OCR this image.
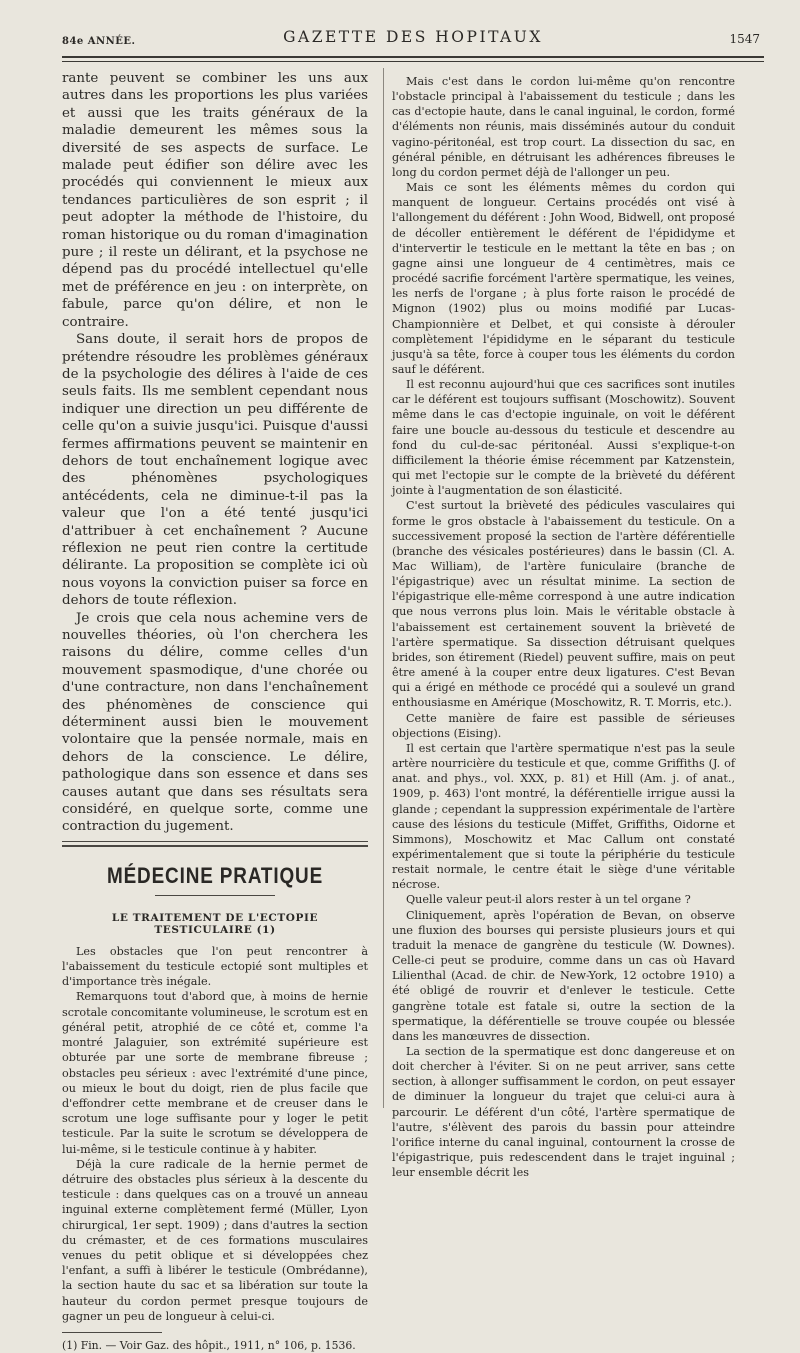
84e ANNÉE.	GAZETTE DES HOPITAUX	1547

rante peuvent se combiner les uns aux autres dans les proportions les plus variées et aussi que les traits généraux de la maladie demeurent les mêmes sous la diversité de ses aspects de surface. Le malade peut édifier son délire avec les procédés qui conviennent le mieux aux tendances particulières de son esprit ; il peut adopter la méthode de l'histoire, du roman historique ou du roman d'imagination pure ; il reste un délirant, et la psychose ne dépend pas du procédé intellectuel qu'elle met de préférence en jeu : on interprète, on fabule, parce qu'on délire, et non le contraire.

Sans doute, il serait hors de propos de prétendre résoudre les problèmes généraux de la psychologie des délires à l'aide de ces seuls faits. Ils me semblent cependant nous indiquer une direction un peu différente de celle qu'on a suivie jusqu'ici. Puisque d'aussi fermes affirmations peuvent se maintenir en dehors de tout enchaînement logique avec des phénomènes psychologiques antécédents, cela ne diminue-t-il pas la valeur que l'on a été tenté jusqu'ici d'attribuer à cet enchaînement ? Aucune réflexion ne peut rien contre la certitude délirante. La proposition se complète ici où nous voyons la conviction puiser sa force en dehors de toute réflexion.

Je crois que cela nous achemine vers de nouvelles théories, où l'on cherchera les raisons du délire, comme celles d'un mouvement spasmodique, d'une chorée ou d'une contracture, non dans l'enchaînement des phénomènes de conscience qui déterminent aussi bien le mouvement volontaire que la pensée normale, mais en dehors de la conscience. Le délire, pathologique dans son essence et dans ses causes autant que dans ses résultats sera considéré, en quelque sorte, comme une contraction du jugement.

MÉDECINE PRATIQUE
LE TRAITEMENT DE L'ECTOPIE TESTICULAIRE (1)

Les obstacles que l'on peut rencontrer à l'abaissement du testicule ectopié sont multiples et d'importance très inégale.

Remarquons tout d'abord que, à moins de hernie scrotale concomitante volumineuse, le scrotum est en général petit, atrophié de ce côté et, comme l'a montré Jalaguier, son extrémité supérieure est obturée par une sorte de membrane fibreuse ; obstacles peu sérieux : avec l'extrémité d'une pince, ou mieux le bout du doigt, rien de plus facile que d'effondrer cette membrane et de creuser dans le scrotum une loge suffisante pour y loger le petit testicule. Par la suite le scrotum se développera de lui-même, si le testicule continue à y habiter.

Déjà la cure radicale de la hernie permet de détruire des obstacles plus sérieux à la descente du testicule : dans quelques cas on a trouvé un anneau inguinal externe complètement fermé (Müller, Lyon chirurgical, 1er sept. 1909) ; dans d'autres la section du crémaster, et de ces formations musculaires venues du petit oblique et si développées chez l'enfant, a suffi à libérer le testicule (Ombrédanne), la section haute du sac et sa libération sur toute la hauteur du cordon permet presque toujours de gagner un peu de longueur à celui-ci.

(1) Fin. — Voir Gaz. des hôpit., 1911, n° 106, p. 1536.

Mais c'est dans le cordon lui-même qu'on rencontre l'obstacle principal à l'abaissement du testicule ; dans les cas d'ectopie haute, dans le canal inguinal, le cordon, formé d'éléments non réunis, mais disséminés autour du conduit vagino-péritonéal, est trop court. La dissection du sac, en général pénible, en détruisant les adhérences fibreuses le long du cordon permet déjà de l'allonger un peu.

Mais ce sont les éléments mêmes du cordon qui manquent de longueur. Certains procédés ont visé à l'allongement du déférent : John Wood, Bidwell, ont proposé de décoller entièrement le déférent de l'épididyme et d'intervertir le testicule en le mettant la tête en bas ; on gagne ainsi une longueur de 4 centimètres, mais ce procédé sacrifie forcément l'artère spermatique, les veines, les nerfs de l'organe ; à plus forte raison le procédé de Mignon (1902) plus ou moins modifié par Lucas-Championnière et Delbet, et qui consiste à dérouler complètement l'épididyme en le séparant du testicule jusqu'à sa tête, force à couper tous les éléments du cordon sauf le déférent.

Il est reconnu aujourd'hui que ces sacrifices sont inutiles car le déférent est toujours suffisant (Moschowitz). Souvent même dans le cas d'ectopie inguinale, on voit le déférent faire une boucle au-dessous du testicule et descendre au fond du cul-de-sac péritonéal. Aussi s'explique-t-on difficilement la théorie émise récemment par Katzenstein, qui met l'ectopie sur le compte de la brièveté du déférent jointe à l'augmentation de son élasticité.

C'est surtout la brièveté des pédicules vasculaires qui forme le gros obstacle à l'abaissement du testicule. On a successivement proposé la section de l'artère déférentielle (branche des vésicales postérieures) dans le bassin (Cl. A. Mac William), de l'artère funiculaire (branche de l'épigastrique) avec un résultat minime. La section de l'épigastrique elle-même correspond à une autre indication que nous verrons plus loin. Mais le véritable obstacle à l'abaissement est certainement souvent la brièveté de l'artère spermatique. Sa dissection détruisant quelques brides, son étirement (Riedel) peuvent suffire, mais on peut être amené à la couper entre deux ligatures. C'est Bevan qui a érigé en méthode ce procédé qui a soulevé un grand enthousiasme en Amérique (Moschowitz, R. T. Morris, etc.).

Cette manière de faire est passible de sérieuses objections (Eising).

Il est certain que l'artère spermatique n'est pas la seule artère nourricière du testicule et que, comme Griffiths (J. of anat. and phys., vol. XXX, p. 81) et Hill (Am. j. of anat., 1909, p. 463) l'ont montré, la déférentielle irrigue aussi la glande ; cependant la suppression expérimentale de l'artère cause des lésions du testicule (Miffet, Griffiths, Oidorne et Simmons), Moschowitz et Mac Callum ont constaté expérimentalement que si toute la périphérie du testicule restait normale, le centre était le siège d'une véritable nécrose.

Quelle valeur peut-il alors rester à un tel organe ?

Cliniquement, après l'opération de Bevan, on observe une fluxion des bourses qui persiste plusieurs jours et qui traduit la menace de gangrène du testicule (W. Downes). Celle-ci peut se produire, comme dans un cas où Havard Lilienthal (Acad. de chir. de New-York, 12 octobre 1910) a été obligé de rouvrir et d'enlever le testicule. Cette gangrène totale est fatale si, outre la section de la spermatique, la déférentielle se trouve coupée ou blessée dans les manœuvres de dissection.

La section de la spermatique est donc dangereuse et on doit chercher à l'éviter. Si on ne peut arriver, sans cette section, à allonger suffisamment le cordon, on peut essayer de diminuer la longueur du trajet que celui-ci aura à parcourir. Le déférent d'un côté, l'artère spermatique de l'autre, s'élèvent des parois du bassin pour atteindre l'orifice interne du canal inguinal, contournent la crosse de l'épigastrique, puis redescendent dans le trajet inguinal ; leur ensemble décrit les
